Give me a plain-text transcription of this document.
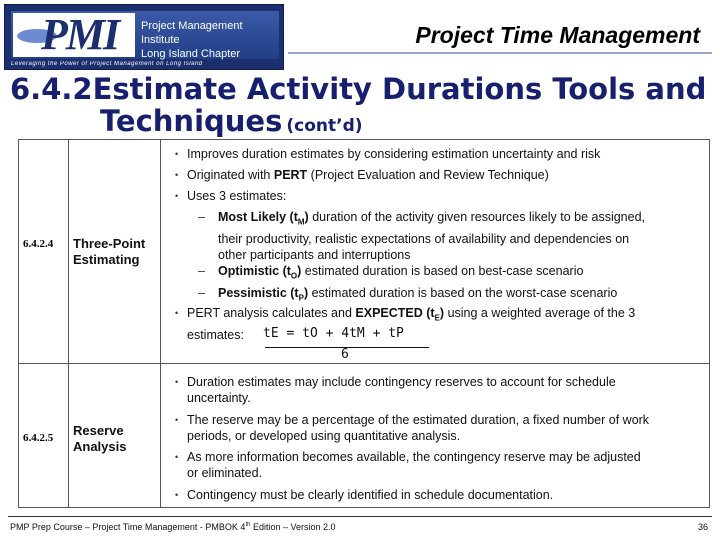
PMI Project Management Institute
Long Island Chapter
Leveraging the Power of Project Management on Long Island
Project Time Management
6.4.2Estimate Activity Durations Tools and
Techniques (cont’d)
6.4.2.4 Three-Point
Estimating
• Improves duration estimates by considering estimation uncertainty and risk
• Originated with PERT (Project Evaluation and Review Technique)
• Uses 3 estimates:
– Most Likely $(t_M)$ duration of the activity given resources likely to be assigned,
their productivity, realistic expectations of availability and dependencies on
other participants and interruptions
– Optimistic $(t_O)$ estimated duration is based on best-case scenario
– Pessimistic $(t_P)$ estimated duration is based on the worst-case scenario
• PERT analysis calculates and EXPECTED $(t_E)$ using a weighted average of the 3
estimates:	tE = tO + 4tM + tP
6
6.4.2.5 Reserve
Analysis
• Duration estimates may include contingency reserves to account for schedule
uncertainty.
• The reserve may be a percentage of the estimated duration, a fixed number of work
periods, or developed using quantitative analysis.
• As more information becomes available, the contingency reserve may be adjusted
or eliminated.
• Contingency must be clearly identified in schedule documentation.
PMP Prep Course – Project Time Management - PMBOK 4th Edition – Version 2.0	36
